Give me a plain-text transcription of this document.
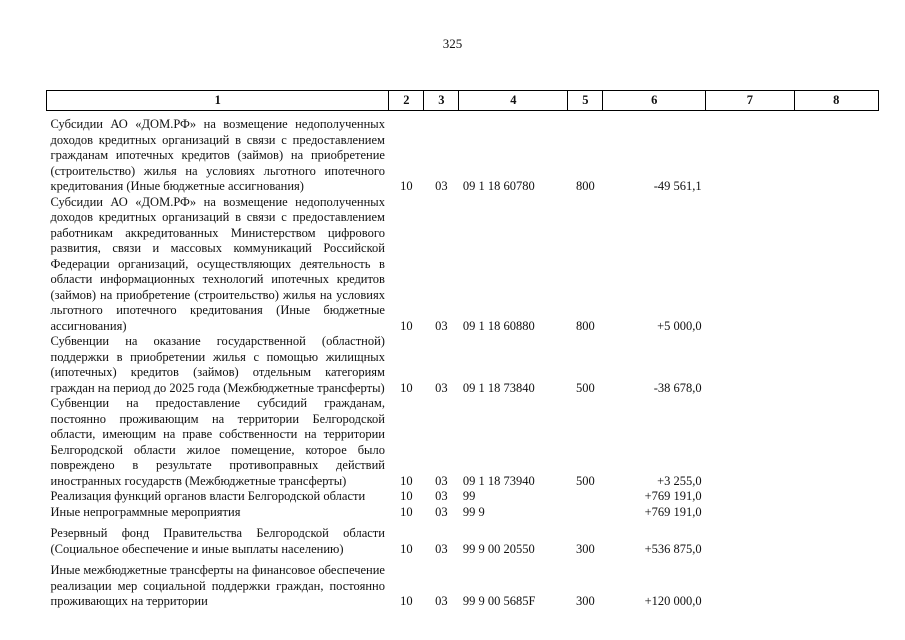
325
1	2	3	4	5	6	7	8
Субсидии АО «ДОМ.РФ» на возмещение недополученных доходов кредитных организаций в связи с предоставлением гражданам ипотечных кредитов (займов) на приобретение (строительство) жилья на условиях льготного ипотечного кредитования (Иные бюджетные ассигнования)	10	03	09 1 18 60780	800	-49 561,1		
Субсидии АО «ДОМ.РФ» на возмещение недополученных доходов кредитных организаций в связи с предоставлением работникам аккредитованных Министерством цифрового развития, связи и массовых коммуникаций Российской Федерации организаций, осуществляющих деятельность в области информационных технологий ипотечных кредитов (займов) на приобретение (строительство) жилья на условиях льготного ипотечного кредитования (Иные бюджетные ассигнования)	10	03	09 1 18 60880	800	+5 000,0		
Субвенции на оказание государственной (областной) поддержки в приобретении жилья с помощью жилищных (ипотечных) кредитов (займов) отдельным категориям граждан на период до 2025 года (Межбюджетные трансферты)	10	03	09 1 18 73840	500	-38 678,0		
Субвенции на предоставление субсидий гражданам, постоянно проживающим на территории Белгородской области, имеющим на праве собственности на территории Белгородской области жилое помещение, которое было повреждено в результате противоправных действий иностранных государств (Межбюджетные трансферты)	10	03	09 1 18 73940	500	+3 255,0		
Реализация функций органов власти Белгородской области	10	03	99		+769 191,0		
Иные непрограммные мероприятия	10	03	99 9		+769 191,0		

Резервный фонд Правительства Белгородской области (Социальное обеспечение и иные выплаты населению)	10	03	99 9 00 20550	300	+536 875,0		

Иные межбюджетные трансферты на финансовое обеспечение реализации мер социальной поддержки граждан, постоянно проживающих на территории	10	03	99 9 00 5685F	300	+120 000,0		
